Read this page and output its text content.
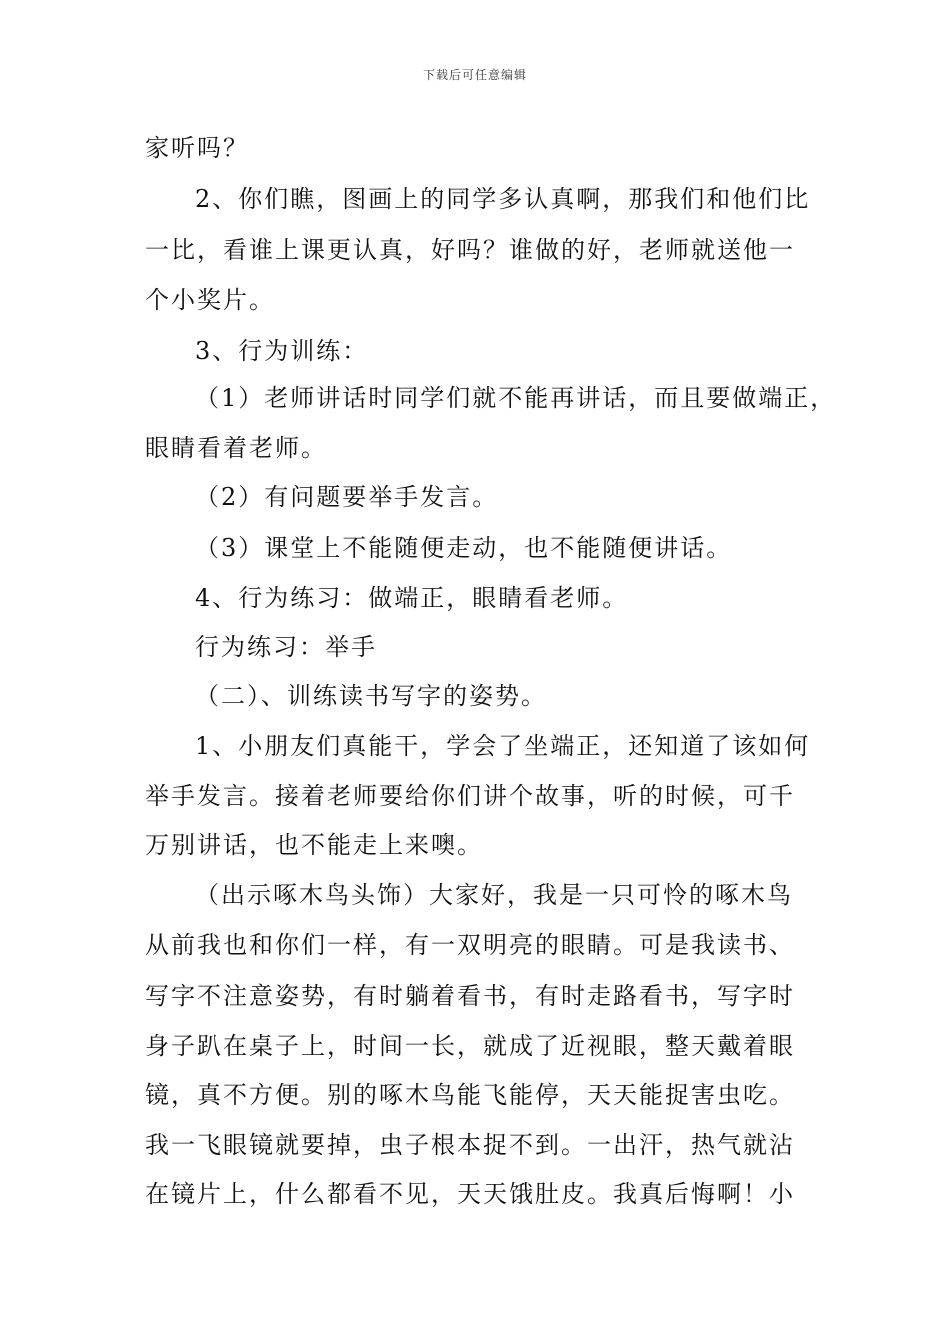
下载后可任意编辑
家听吗？
2、你们瞧，图画上的同学多认真啊，那我们和他们比
一比，看谁上课更认真，好吗？谁做的好，老师就送他一
个小奖片。
3、行为训练：
（1）老师讲话时同学们就不能再讲话，而且要做端正，
眼睛看着老师。
（2）有问题要举手发言。
（3）课堂上不能随便走动，也不能随便讲话。
4、行为练习：做端正，眼睛看老师。
行为练习：举手
（二）、训练读书写字的姿势。
1、小朋友们真能干，学会了坐端正，还知道了该如何
举手发言。接着老师要给你们讲个故事，听的时候，可千
万别讲话，也不能走上来噢。
（出示啄木鸟头饰）大家好，我是一只可怜的啄木鸟
从前我也和你们一样，有一双明亮的眼睛。可是我读书、
写字不注意姿势，有时躺着看书，有时走路看书，写字时
身子趴在桌子上，时间一长，就成了近视眼，整天戴着眼
镜，真不方便。别的啄木鸟能飞能停，天天能捉害虫吃。
我一飞眼镜就要掉，虫子根本捉不到。一出汗，热气就沾
在镜片上，什么都看不见，天天饿肚皮。我真后悔啊！小
